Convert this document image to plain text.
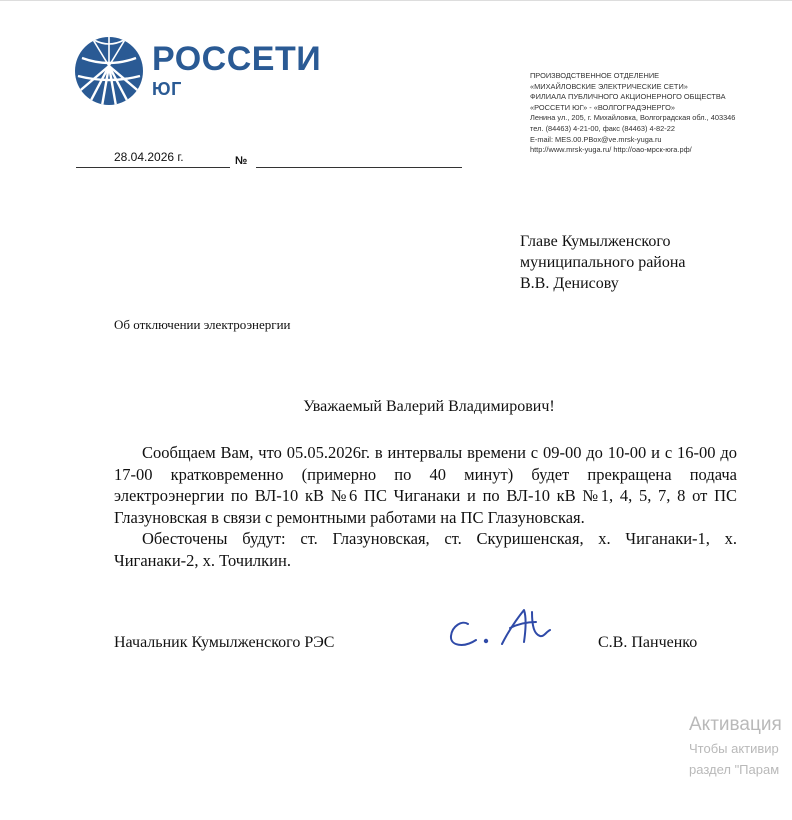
РОССЕТИ
ЮГ
ПРОИЗВОДСТВЕННОЕ ОТДЕЛЕНИЕ
«МИХАЙЛОВСКИЕ ЭЛЕКТРИЧЕСКИЕ СЕТИ»
ФИЛИАЛА ПУБЛИЧНОГО АКЦИОНЕРНОГО ОБЩЕСТВА
«РОССЕТИ ЮГ» - «ВОЛГОГРАДЭНЕРГО»
Ленина ул., 205, г. Михайловка, Волгоградская обл., 403346
тел. (84463) 4-21-00, факс (84463) 4-82-22
E-mail: MES.00.PBox@ve.mrsk-yuga.ru
http://www.mrsk-yuga.ru/ http://оао-мрск-юга.рф/
28.04.2026 г.	№
Главе Кумылженского
муниципального района
В.В. Денисову
Об отключении электроэнергии
Уважаемый Валерий Владимирович!

Сообщаем Вам, что 05.05.2026г. в интервалы времени с 09-00 до 10-00 и с 16-00 до 17-00 кратковременно (примерно по 40 минут) будет прекращена подача электроэнергии по ВЛ-10 кВ №6 ПС Чиганаки и по ВЛ-10 кВ №1, 4, 5, 7, 8 от ПС Глазуновская в связи с ремонтными работами на ПС Глазуновская.

Обесточены будут: ст. Глазуновская, ст. Скуришенская, х. Чиганаки-1, х. Чиганаки-2, х. Точилкин.

Начальник Кумылженского РЭС	С.В. Панченко
Активация
Чтобы активир
раздел "Парам
